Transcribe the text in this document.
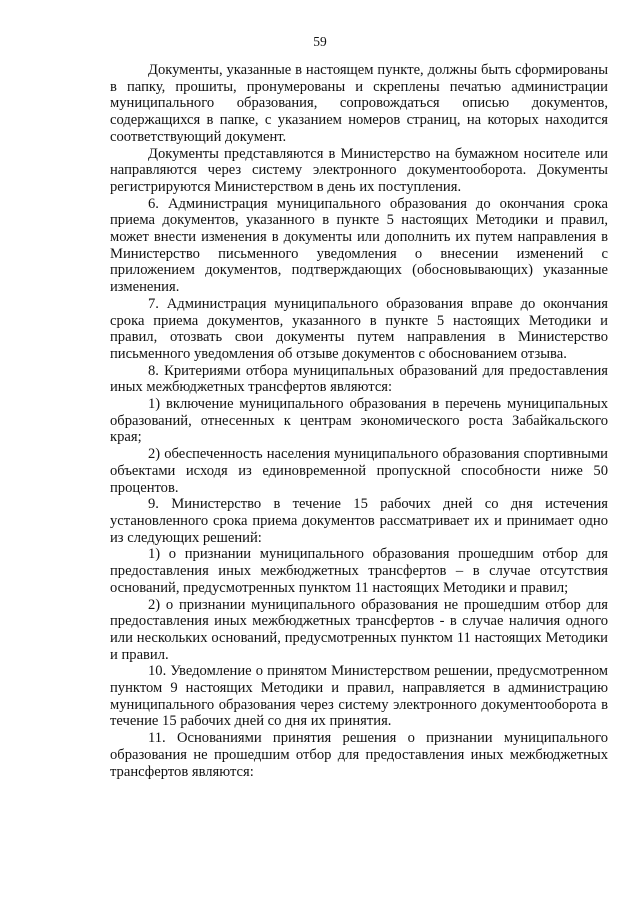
59

Документы, указанные в настоящем пункте, должны быть сформированы в папку, прошиты, пронумерованы и скреплены печатью администрации муниципального образования, сопровождаться описью документов, содержащихся в папке, с указанием номеров страниц, на которых находится соответствующий документ.

Документы представляются в Министерство на бумажном носителе или направляются через систему электронного документооборота. Документы регистрируются Министерством в день их поступления.

6. Администрация муниципального образования до окончания срока приема документов, указанного в пункте 5 настоящих Методики и правил, может внести изменения в документы или дополнить их путем направления в Министерство письменного уведомления о внесении изменений с приложением документов, подтверждающих (обосновывающих) указанные изменения.

7. Администрация муниципального образования вправе до окончания срока приема документов, указанного в пункте 5 настоящих Методики и правил, отозвать свои документы путем направления в Министерство письменного уведомления об отзыве документов с обоснованием отзыва.

8. Критериями отбора муниципальных образований для предоставления иных межбюджетных трансфертов являются:

1) включение муниципального образования в перечень муниципальных образований, отнесенных к центрам экономического роста Забайкальского края;

2) обеспеченность населения муниципального образования спортивными объектами исходя из единовременной пропускной способности ниже 50 процентов.

9. Министерство в течение 15 рабочих дней со дня истечения установленного срока приема документов рассматривает их и принимает одно из следующих решений:

1) о признании муниципального образования прошедшим отбор для предоставления иных межбюджетных трансфертов – в случае отсутствия оснований, предусмотренных пунктом 11 настоящих Методики и правил;

2) о признании муниципального образования не прошедшим отбор для предоставления иных межбюджетных трансфертов - в случае наличия одного или нескольких оснований, предусмотренных пунктом 11 настоящих Методики и правил.

10. Уведомление о принятом Министерством решении, предусмотренном пунктом 9 настоящих Методики и правил, направляется в администрацию муниципального образования через систему электронного документооборота в течение 15 рабочих дней со дня их принятия.

11. Основаниями принятия решения о признании муниципального образования не прошедшим отбор для предоставления иных межбюджетных трансфертов являются:
